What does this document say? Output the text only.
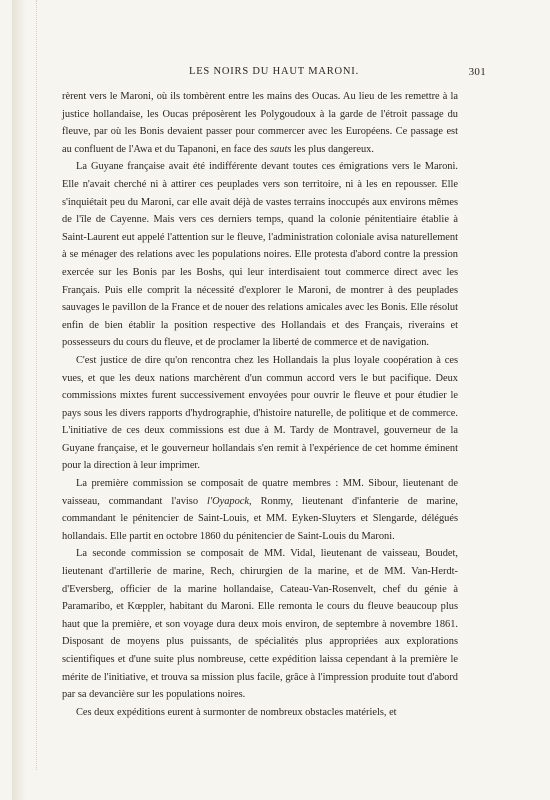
LES NOIRS DU HAUT MARONI.	301

rèrent vers le Maroni, où ils tombèrent entre les mains des Oucas. Au lieu de les remettre à la justice hollandaise, les Oucas préposèrent les Polygoudoux à la garde de l'étroit passage du fleuve, par où les Bonis devaient passer pour commercer avec les Européens. Ce passage est au confluent de l'Awa et du Tapanoni, en face des sauts les plus dangereux.

La Guyane française avait été indifférente devant toutes ces émigrations vers le Maroni. Elle n'avait cherché ni à attirer ces peuplades vers son territoire, ni à les en repousser. Elle s'inquiétait peu du Maroni, car elle avait déjà de vastes terrains inoccupés aux environs mêmes de l'île de Cayenne. Mais vers ces derniers temps, quand la colonie pénitentiaire établie à Saint-Laurent eut appelé l'attention sur le fleuve, l'administration coloniale avisa naturellement à se ménager des relations avec les populations noires. Elle protesta d'abord contre la pression exercée sur les Bonis par les Boshs, qui leur interdisaient tout commerce direct avec les Français. Puis elle comprit la nécessité d'explorer le Maroni, de montrer à des peuplades sauvages le pavillon de la France et de nouer des relations amicales avec les Bonis. Elle résolut enfin de bien établir la position respective des Hollandais et des Français, riverains et possesseurs du cours du fleuve, et de proclamer la liberté de commerce et de navigation.

C'est justice de dire qu'on rencontra chez les Hollandais la plus loyale coopération à ces vues, et que les deux nations marchèrent d'un commun accord vers le but pacifique. Deux commissions mixtes furent successivement envoyées pour ouvrir le fleuve et pour étudier le pays sous les divers rapports d'hydrographie, d'histoire naturelle, de politique et de commerce. L'initiative de ces deux commissions est due à M. Tardy de Montravel, gouverneur de la Guyane française, et le gouverneur hollandais s'en remit à l'expérience de cet homme éminent pour la direction à leur imprimer.

La première commission se composait de quatre membres : MM. Sibour, lieutenant de vaisseau, commandant l'aviso l'Oyapock, Ronmy, lieutenant d'infanterie de marine, commandant le pénitencier de Saint-Louis, et MM. Eyken-Sluyters et Slengarde, délégués hollandais. Elle partit en octobre 1860 du pénitencier de Saint-Louis du Maroni.

La seconde commission se composait de MM. Vidal, lieutenant de vaisseau, Boudet, lieutenant d'artillerie de marine, Rech, chirurgien de la marine, et de MM. Van-Herdt-d'Eversberg, officier de la marine hollandaise, Cateau-Van-Rosenvelt, chef du génie à Paramaribo, et Kœppler, habitant du Maroni. Elle remonta le cours du fleuve beaucoup plus haut que la première, et son voyage dura deux mois environ, de septembre à novembre 1861. Disposant de moyens plus puissants, de spécialités plus appropriées aux explorations scientifiques et d'une suite plus nombreuse, cette expédition laissa cependant à la première le mérite de l'initiative, et trouva sa mission plus facile, grâce à l'impression produite tout d'abord par sa devancière sur les populations noires.

Ces deux expéditions eurent à surmonter de nombreux obstacles matériels, et
